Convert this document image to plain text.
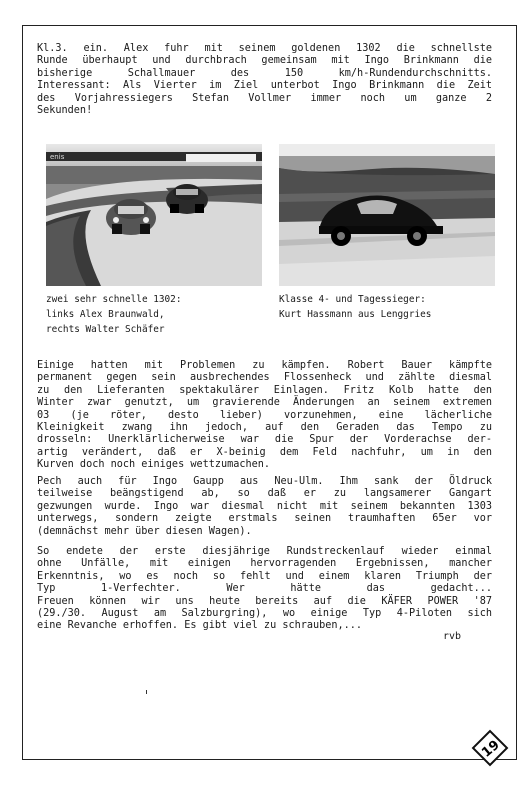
Kl.3. ein. Alex fuhr mit seinem goldenen 1302 die schnellste
Runde überhaupt und durchbrach gemeinsam mit Ingo Brinkmann die
bisherige Schallmauer des 150 km/h-Rundendurchschnitts.
Interessant: Als Vierter im Ziel unterbot Ingo Brinkmann die Zeit
des Vorjahressiegers Stefan Vollmer immer noch um ganze 2
Sekunden!
enis
zwei sehr schnelle 1302:
links Alex Braunwald,
rechts Walter Schäfer
Klasse 4- und Tagessieger:
Kurt Hassmann aus Lenggries
Einige hatten mit Problemen zu kämpfen. Robert Bauer kämpfte
permanent gegen sein ausbrechendes Flossenheck und zählte diesmal
zu den Lieferanten spektakulärer Einlagen. Fritz Kolb hatte den
Winter zwar genutzt, um gravierende Änderungen an seinem extremen
03 (je röter, desto lieber) vorzunehmen, eine lächerliche
Kleinigkeit zwang ihn jedoch, auf den Geraden das Tempo zu
drosseln: Unerklärlicherweise war die Spur der Vorderachse der-
artig verändert, daß er X-beinig dem Feld nachfuhr, um in den
Kurven doch noch einiges wettzumachen.
Pech auch für Ingo Gaupp aus Neu-Ulm. Ihm sank der Öldruck
teilweise beängstigend ab, so daß er zu langsamerer Gangart
gezwungen wurde. Ingo war diesmal nicht mit seinem bekannten 1303
unterwegs, sondern zeigte erstmals seinen traumhaften 65er vor
(demnächst mehr über diesen Wagen).
So endete der erste diesjährige Rundstreckenlauf wieder einmal
ohne Unfälle, mit einigen hervorragenden Ergebnissen, mancher
Erkenntnis, wo es noch so fehlt und einem klaren Triumph der
Typ 1-Verfechter. Wer hätte das gedacht...
Freuen können wir uns heute bereits auf die KÄFER POWER '87
(29./30. August am Salzburgring), wo einige Typ 4-Piloten sich
eine Revanche erhoffen. Es gibt viel zu schrauben,...
rvb
19
